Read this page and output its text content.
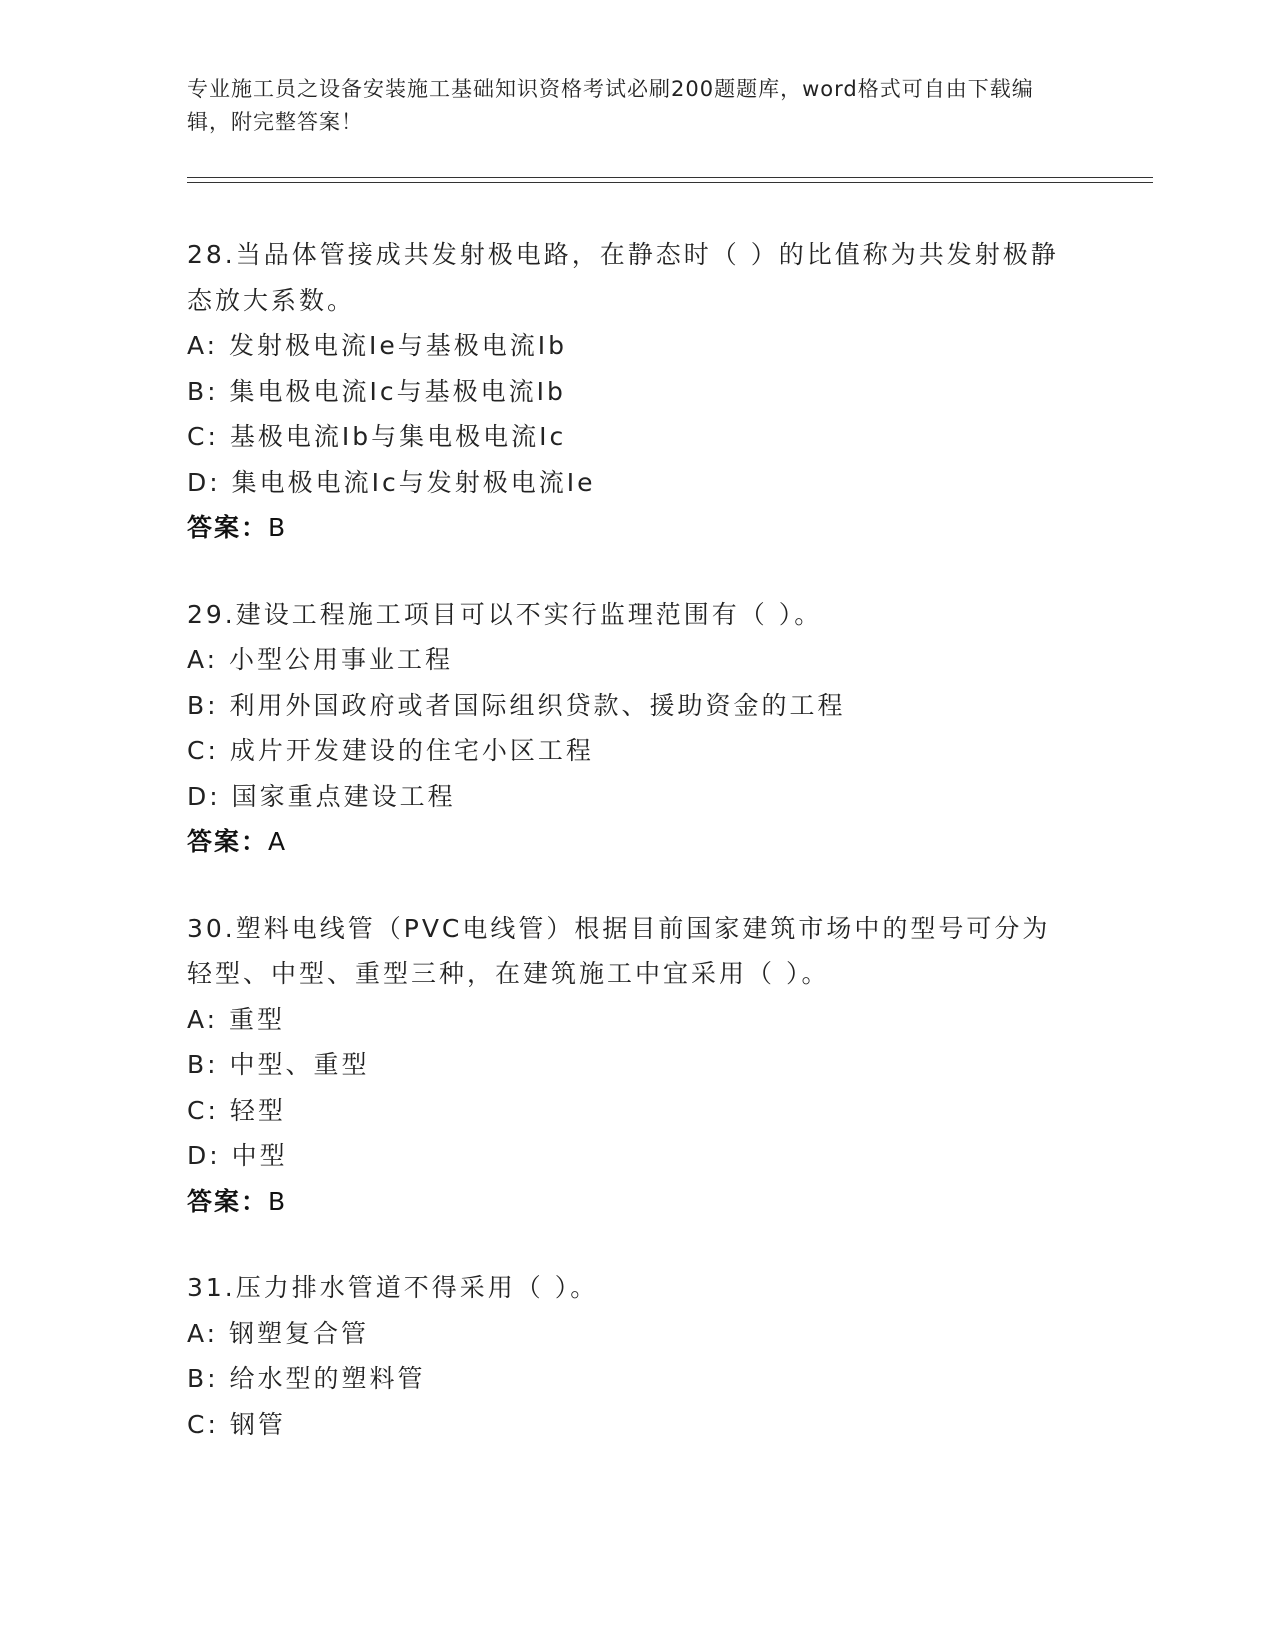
专业施工员之设备安装施工基础知识资格考试必刷200题题库，word格式可自由下载编辑，附完整答案！
28.当品体管接成共发射极电路，在静态时（ ）的比值称为共发射极静态放大系数。
A: 发射极电流Ie与基极电流Ib
B: 集电极电流Ic与基极电流Ib
C: 基极电流Ib与集电极电流Ic
D: 集电极电流Ic与发射极电流Ie
答案：B
29.建设工程施工项目可以不实行监理范围有（ ）。
A: 小型公用事业工程
B: 利用外国政府或者国际组织贷款、援助资金的工程
C: 成片开发建设的住宅小区工程
D: 国家重点建设工程
答案：A
30.塑料电线管（PVC电线管）根据目前国家建筑市场中的型号可分为轻型、中型、重型三种，在建筑施工中宜采用（ ）。
A: 重型
B: 中型、重型
C: 轻型
D: 中型
答案：B
31.压力排水管道不得采用（ ）。
A: 钢塑复合管
B: 给水型的塑料管
C: 钢管
